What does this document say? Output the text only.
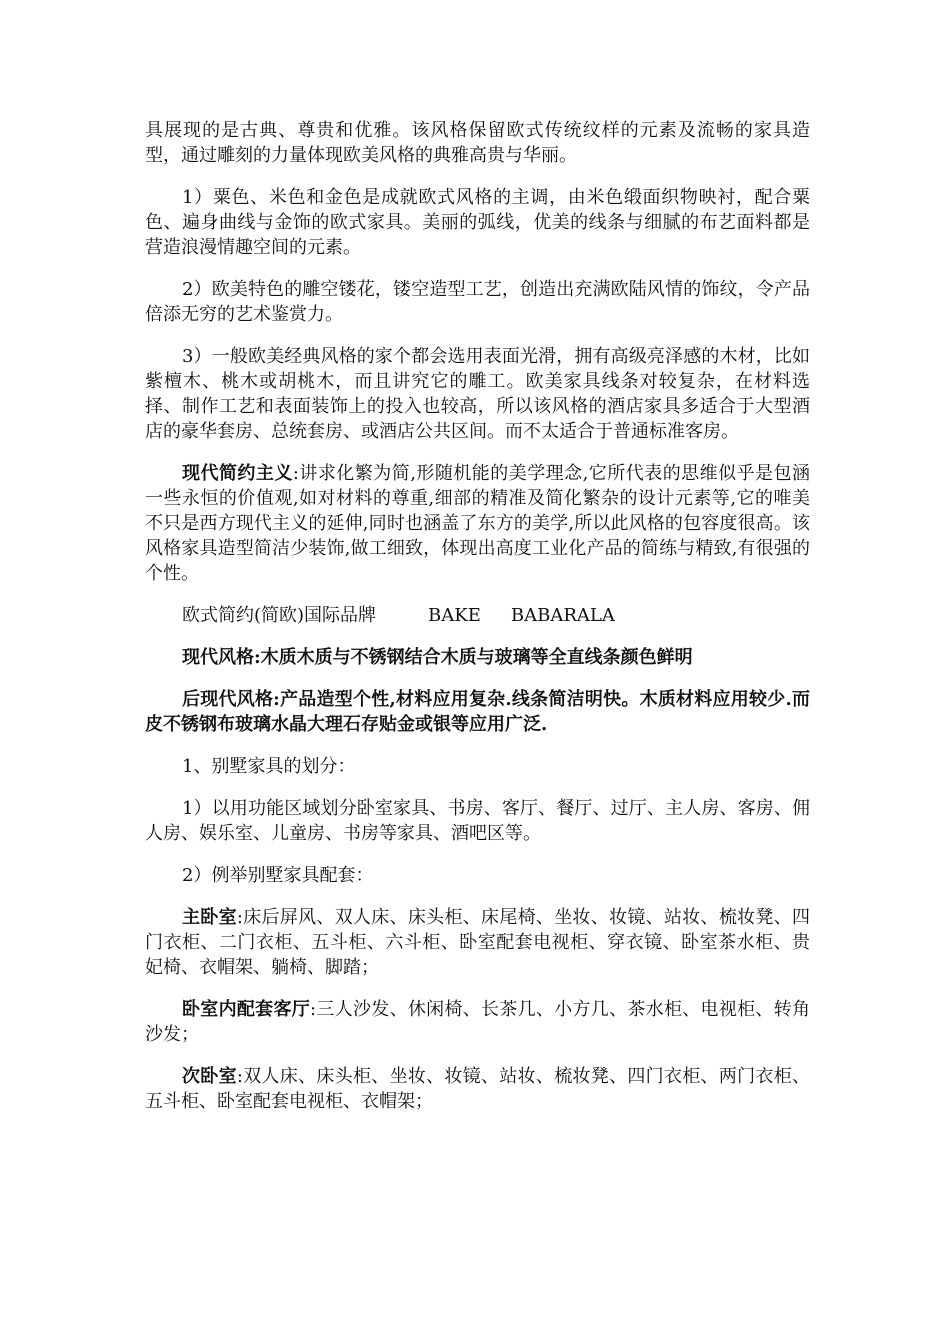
具展现的是古典、尊贵和优雅。该风格保留欧式传统纹样的元素及流畅的家具造型，通过雕刻的力量体现欧美风格的典雅高贵与华丽。

1）粟色、米色和金色是成就欧式风格的主调，由米色缎面织物映衬，配合粟色、遍身曲线与金饰的欧式家具。美丽的弧线，优美的线条与细腻的布艺面料都是营造浪漫情趣空间的元素。

2）欧美特色的雕空镂花，镂空造型工艺，创造出充满欧陆风情的饰纹，令产品倍添无穷的艺术鉴赏力。

3）一般欧美经典风格的家个都会选用表面光滑，拥有高级亮泽感的木材，比如紫檀木、桃木或胡桃木，而且讲究它的雕工。欧美家具线条对较复杂，在材料选择、制作工艺和表面装饰上的投入也较高，所以该风格的酒店家具多适合于大型酒店的豪华套房、总统套房、或酒店公共区间。而不太适合于普通标准客房。

现代简约主义:讲求化繁为简,形随机能的美学理念,它所代表的思维似乎是包涵一些永恒的价值观,如对材料的尊重,细部的精准及简化繁杂的设计元素等,它的唯美不只是西方现代主义的延伸,同时也涵盖了东方的美学,所以此风格的包容度很高。该风格家具造型简洁少装饰,做工细致，体现出高度工业化产品的简练与精致,有很强的个性。

欧式简约(简欧)国际品牌	BAKE BABARALA

现代风格:木质木质与不锈钢结合木质与玻璃等全直线条颜色鲜明

后现代风格:产品造型个性,材料应用复杂.线条简洁明快。木质材料应用较少.而皮不锈钢布玻璃水晶大理石存贴金或银等应用广泛.

1、别墅家具的划分：

1）以用功能区域划分卧室家具、书房、客厅、餐厅、过厅、主人房、客房、佣人房、娱乐室、儿童房、书房等家具、酒吧区等。

2）例举别墅家具配套：

主卧室:床后屏风、双人床、床头柜、床尾椅、坐妆、妆镜、站妆、梳妆凳、四门衣柜、二门衣柜、五斗柜、六斗柜、卧室配套电视柜、穿衣镜、卧室茶水柜、贵妃椅、衣帽架、躺椅、脚踏；

卧室内配套客厅:三人沙发、休闲椅、长茶几、小方几、茶水柜、电视柜、转角沙发；

次卧室:双人床、床头柜、坐妆、妆镜、站妆、梳妆凳、四门衣柜、两门衣柜、五斗柜、卧室配套电视柜、衣帽架；
